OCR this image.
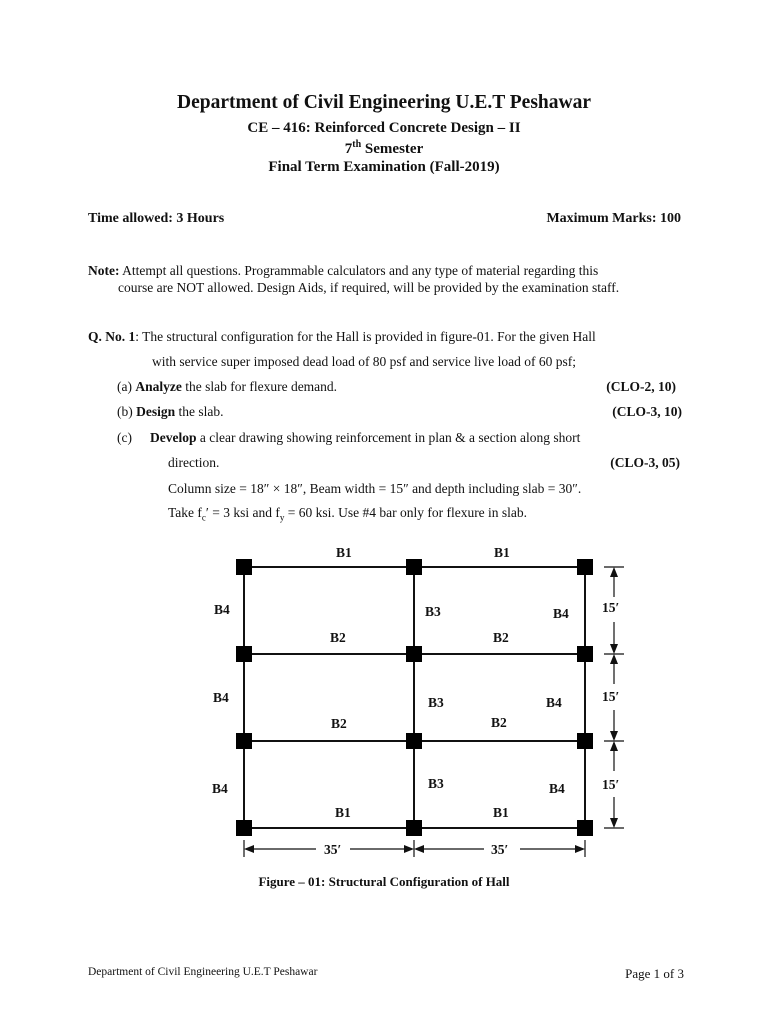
Department of Civil Engineering U.E.T Peshawar
CE – 416: Reinforced Concrete Design – II
7th Semester
Final Term Examination (Fall-2019)
Time allowed: 3 Hours	Maximum Marks: 100
Note: Attempt all questions. Programmable calculators and any type of material regarding this
course are NOT allowed. Design Aids, if required, will be provided by the examination staff.
Q. No. 1: The structural configuration for the Hall is provided in figure-01. For the given Hall
with service super imposed dead load of 80 psf and service live load of 60 psf;
(a) Analyze the slab for flexure demand.	(CLO-2, 10)
(b) Design the slab.	(CLO-3, 10)
(c) Develop a clear drawing showing reinforcement in plan & a section along short
direction.	(CLO-3, 05)
Column size = 18″ × 18″, Beam width = 15″ and depth including slab = 30″.
Take $f_c' = 3$ ksi and $f_y = 60$ ksi. Use #4 bar only for flexure in slab.
B1	B1
B4	B3	B4
B2	B2
B4	B3	B4
B2	B2
B3
B4	B4
B1	B1
15′
15′
15′
35′	35′
Figure – 01: Structural Configuration of Hall
Department of Civil Engineering U.E.T Peshawar	Page 1 of 3
